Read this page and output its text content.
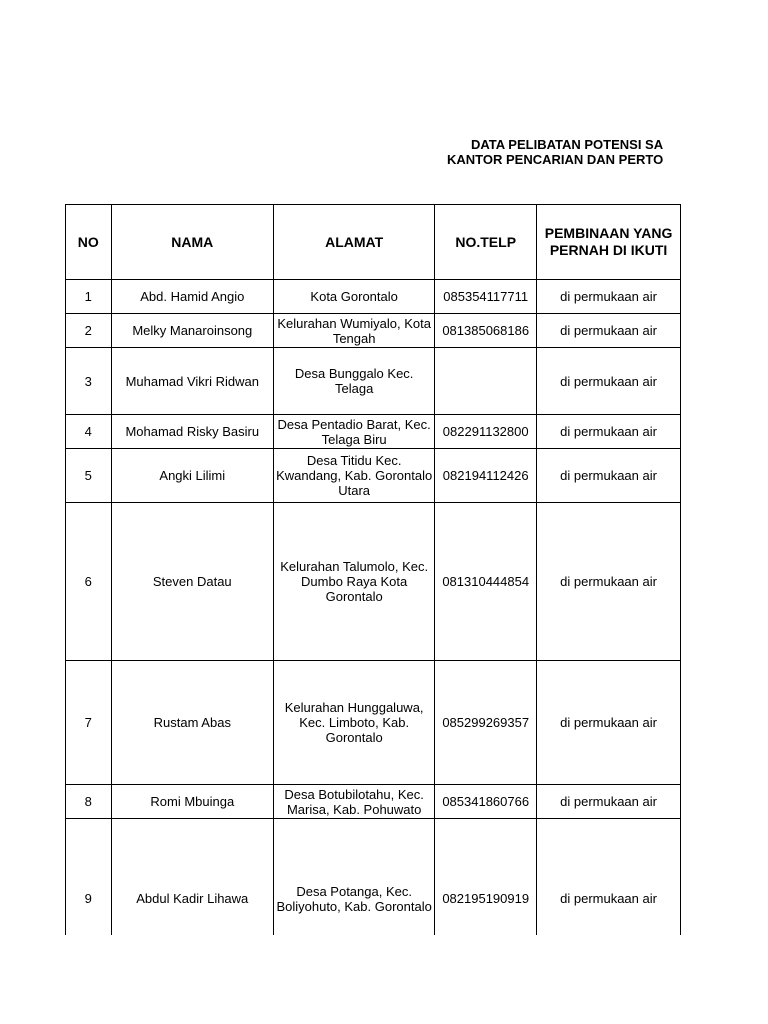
DATA PELIBATAN POTENSI SA
KANTOR PENCARIAN DAN PERTO
NO	NAMA	ALAMAT	NO.TELP	PEMBINAAN YANG PERNAH DI IKUTI
1	Abd. Hamid Angio	Kota Gorontalo	085354117711	di permukaan air
2	Melky Manaroinsong	Kelurahan Wumiyalo, Kota Tengah	081385068186	di permukaan air
3	Muhamad Vikri Ridwan	Desa Bunggalo Kec. Telaga		di permukaan air
4	Mohamad Risky Basiru	Desa Pentadio Barat, Kec. Telaga Biru	082291132800	di permukaan air
5	Angki Lilimi	Desa Titidu Kec. Kwandang, Kab. Gorontalo Utara	082194112426	di permukaan air
6	Steven Datau	Kelurahan Talumolo, Kec. Dumbo Raya Kota Gorontalo	081310444854	di permukaan air
7	Rustam Abas	Kelurahan Hunggaluwa, Kec. Limboto, Kab. Gorontalo	085299269357	di permukaan air
8	Romi Mbuinga	Desa Botubilotahu, Kec. Marisa, Kab. Pohuwato	085341860766	di permukaan air
9	Abdul Kadir Lihawa	Desa Potanga, Kec. Boliyohuto, Kab. Gorontalo	082195190919	di permukaan air
